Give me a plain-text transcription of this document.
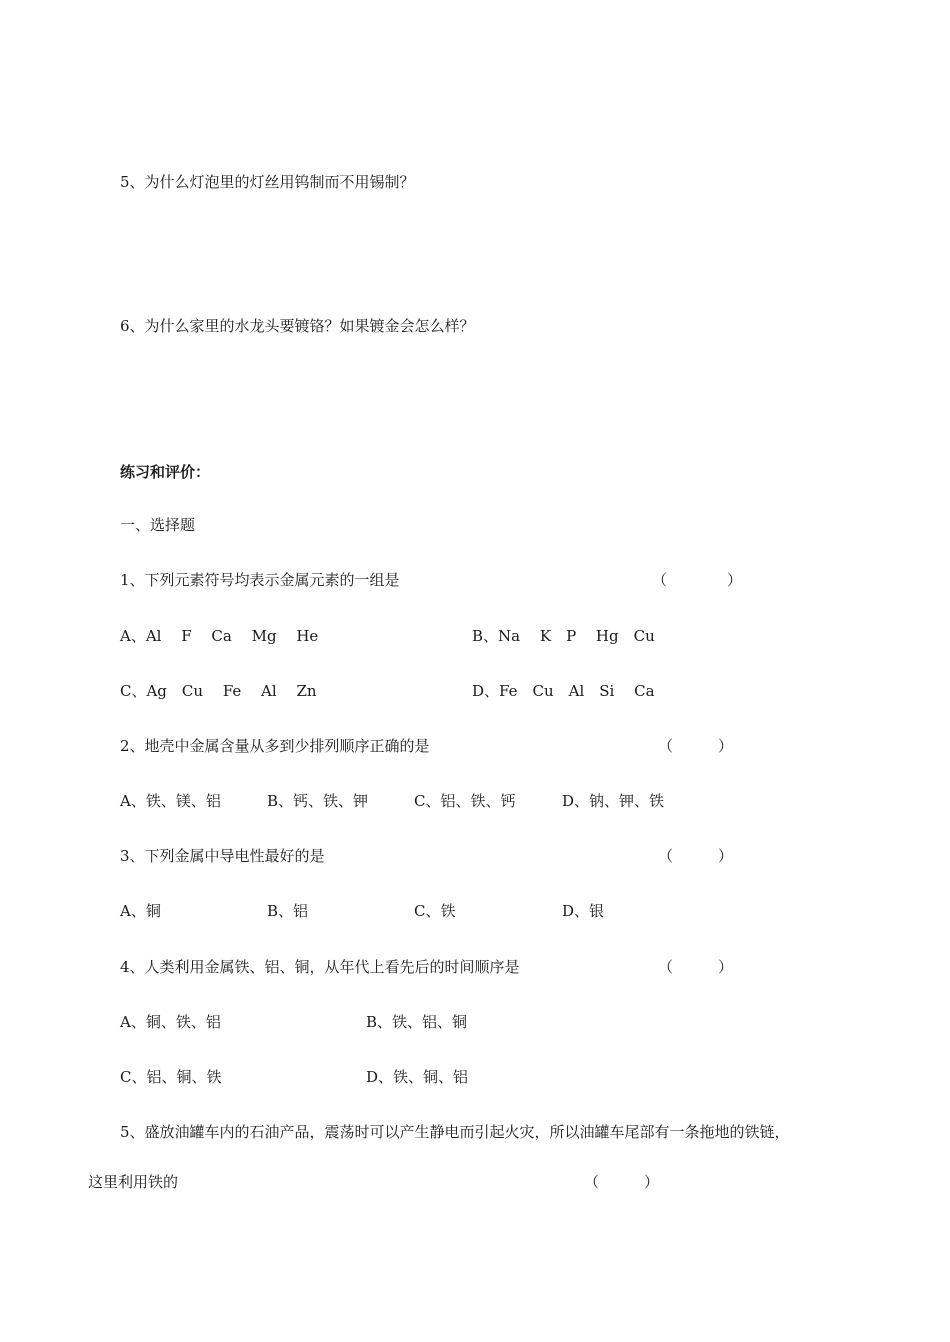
5、为什么灯泡里的灯丝用钨制而不用锡制？
6、为什么家里的水龙头要镀铬？如果镀金会怎么样？
练习和评价：
一、选择题
1、下列元素符号均表示金属元素的一组是	（　　　　）
A、Al　 F　 Ca　 Mg　 He	B、Na　 K　P　 Hg　Cu
C、Ag　Cu　 Fe　 Al　 Zn	D、Fe　Cu　Al　Si　 Ca
2、地壳中金属含量从多到少排列顺序正确的是	（　　　）
A、铁、镁、铝	B、钙、铁、钾	C、铝、铁、钙	D、钠、钾、铁
3、下列金属中导电性最好的是	（　　　）
A、铜	B、铝	C、铁	D、银
4、人类利用金属铁、铝、铜，从年代上看先后的时间顺序是	（　　　）
A、铜、铁、铝	B、铁、铝、铜
C、铝、铜、铁	D、铁、铜、铝
5、盛放油罐车内的石油产品，震荡时可以产生静电而引起火灾，所以油罐车尾部有一条拖地的铁链，
这里利用铁的	（　　　）
